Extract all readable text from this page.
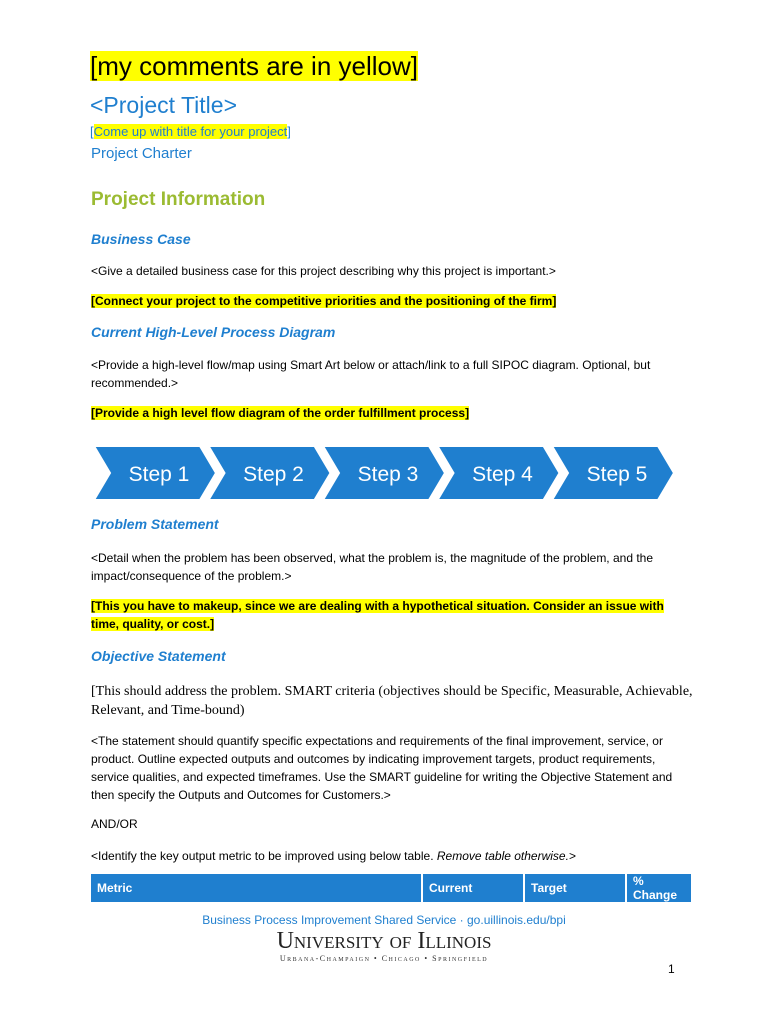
[my comments are in yellow]
<Project Title>
[Come up with title for your project]
Project Charter
Project Information
Business Case
<Give a detailed business case for this project describing why this project is important.>
[Connect your project to the competitive priorities and the positioning of the firm]
Current High-Level Process Diagram
<Provide a high-level flow/map using Smart Art below or attach/link to a full SIPOC diagram. Optional, but recommended.>
[Provide a high level flow diagram of the order fulfillment process]
Step 1	Step 2	Step 3	Step 4	Step 5
Problem Statement
<Detail when the problem has been observed, what the problem is, the magnitude of the problem, and the impact/consequence of the problem.>
[This you have to makeup, since we are dealing with a hypothetical situation. Consider an issue with time, quality, or cost.]
Objective Statement
[This should address the problem. SMART criteria (objectives should be Specific, Measurable, Achievable, Relevant, and Time-bound)
<The statement should quantify specific expectations and requirements of the final improvement, service, or product. Outline expected outputs and outcomes by indicating improvement targets, product requirements, service qualities, and expected timeframes. Use the SMART guideline for writing the Objective Statement and then specify the Outputs and Outcomes for Customers.>
AND/OR
<Identify the key output metric to be improved using below table. Remove table otherwise.>
Metric	Current	Target	% Change
Business Process Improvement Shared Service · go.uillinois.edu/bpi
University of Illinois
Urbana-Champaign • Chicago • Springfield
1
